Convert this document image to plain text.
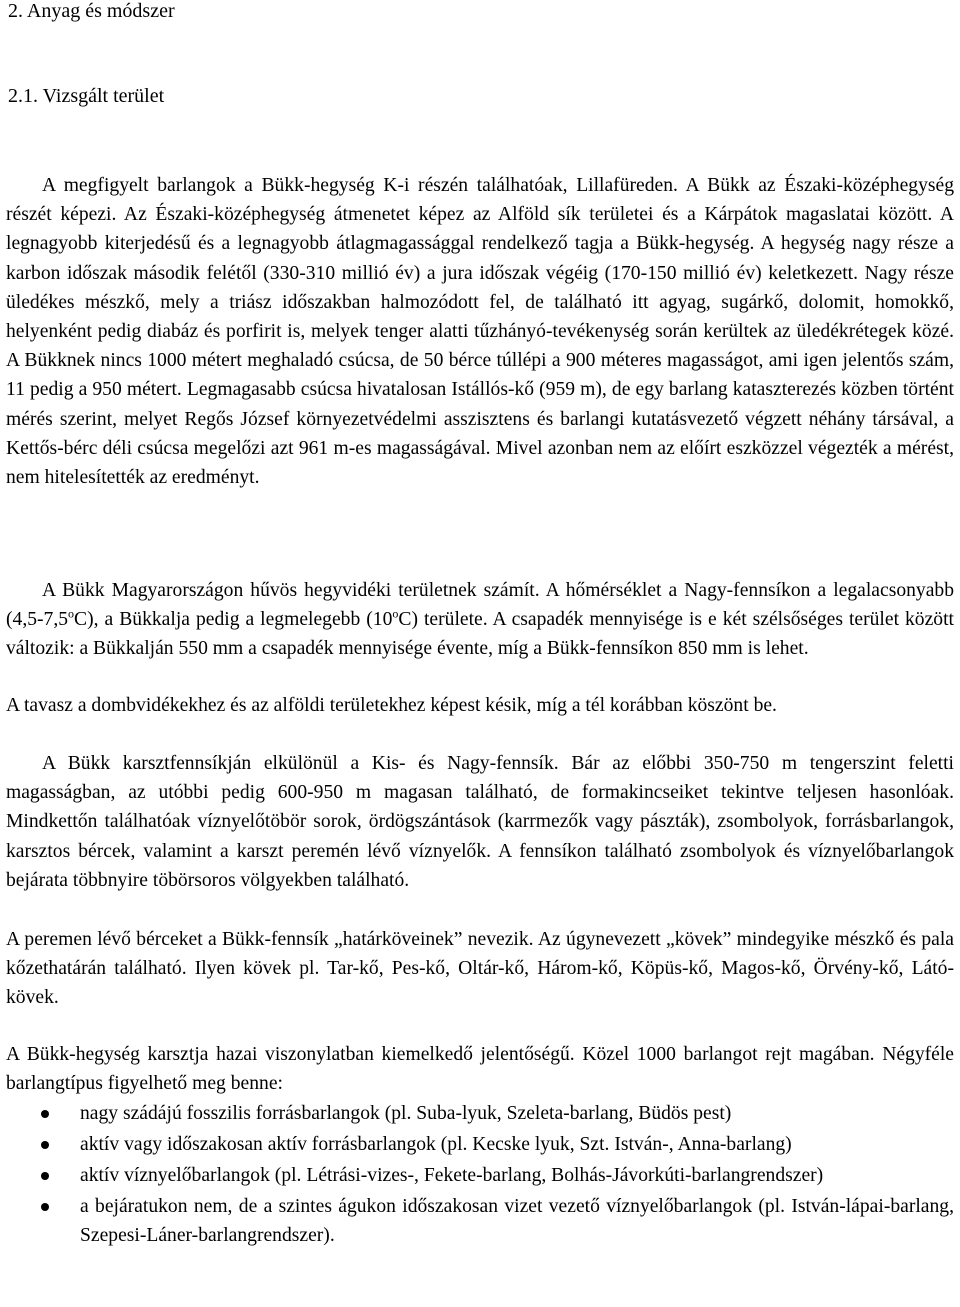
2. Anyag és módszer
2.1. Vizsgált terület

A megfigyelt barlangok a Bükk-hegység K-i részén találhatóak, Lillafüreden. A Bükk az Északi-középhegység részét képezi. Az Északi-középhegység átmenetet képez az Alföld sík területei és a Kárpátok magaslatai között. A legnagyobb kiterjedésű és a legnagyobb átlagmagassággal rendelkező tagja a Bükk-hegység. A hegység nagy része a karbon időszak második felétől (330-310 millió év) a jura időszak végéig (170-150 millió év) keletkezett. Nagy része üledékes mészkő, mely a triász időszakban halmozódott fel, de található itt agyag, sugárkő, dolomit, homokkő, helyenként pedig diabáz és porfirit is, melyek tenger alatti tűzhányó-tevékenység során kerültek az üledékrétegek közé. A Bükknek nincs 1000 métert meghaladó csúcsa, de 50 bérce túllépi a 900 méteres magasságot, ami igen jelentős szám, 11 pedig a 950 métert. Legmagasabb csúcsa hivatalosan Istállós-kő (959 m), de egy barlang kataszterezés közben történt mérés szerint, melyet Regős József környezetvédelmi asszisztens és barlangi kutatásvezető végzett néhány társával, a Kettős-bérc déli csúcsa megelőzi azt 961 m-es magasságával. Mivel azonban nem az előírt eszközzel végezték a mérést, nem hitelesítették az eredményt.

A Bükk Magyarországon hűvös hegyvidéki területnek számít. A hőmérséklet a Nagy-fennsíkon a legalacsonyabb (4,5-7,5$^o$C), a Bükkalja pedig a legmelegebb (10$^o$C) területe. A csapadék mennyisége is e két szélsőséges terület között változik: a Bükkalján 550 mm a csapadék mennyisége évente, míg a Bükk-fennsíkon 850 mm is lehet.

A tavasz a dombvidékekhez és az alföldi területekhez képest késik, míg a tél korábban köszönt be.

A Bükk karsztfennsíkján elkülönül a Kis- és Nagy-fennsík. Bár az előbbi 350-750 m tengerszint feletti magasságban, az utóbbi pedig 600-950 m magasan található, de formakincseiket tekintve teljesen hasonlóak. Mindkettőn találhatóak víznyelőtöbör sorok, ördögszántások (karrmezők vagy pászták), zsombolyok, forrásbarlangok, karsztos bércek, valamint a karszt peremén lévő víznyelők. A fennsíkon található zsombolyok és víznyelőbarlangok bejárata többnyire töbörsoros völgyekben található.

A peremen lévő bérceket a Bükk-fennsík „határköveinek” nevezik. Az úgynevezett „kövek” mindegyike mészkő és pala kőzethatárán található. Ilyen kövek pl. Tar-kő, Pes-kő, Oltár-kő, Három-kő, Köpüs-kő, Magos-kő, Örvény-kő, Látó-kövek.

A Bükk-hegység karsztja hazai viszonylatban kiemelkedő jelentőségű. Közel 1000 barlangot rejt magában. Négyféle barlangtípus figyelhető meg benne:

nagy szádájú fosszilis forrásbarlangok (pl. Suba-lyuk, Szeleta-barlang, Büdös pest)
aktív vagy időszakosan aktív forrásbarlangok (pl. Kecske lyuk, Szt. István-, Anna-barlang)
aktív víznyelőbarlangok (pl. Létrási-vizes-, Fekete-barlang, Bolhás-Jávorkúti-barlangrendszer)
a bejáratukon nem, de a szintes águkon időszakosan vizet vezető víznyelőbarlangok (pl. István-lápai-barlang, Szepesi-Láner-barlangrendszer).
